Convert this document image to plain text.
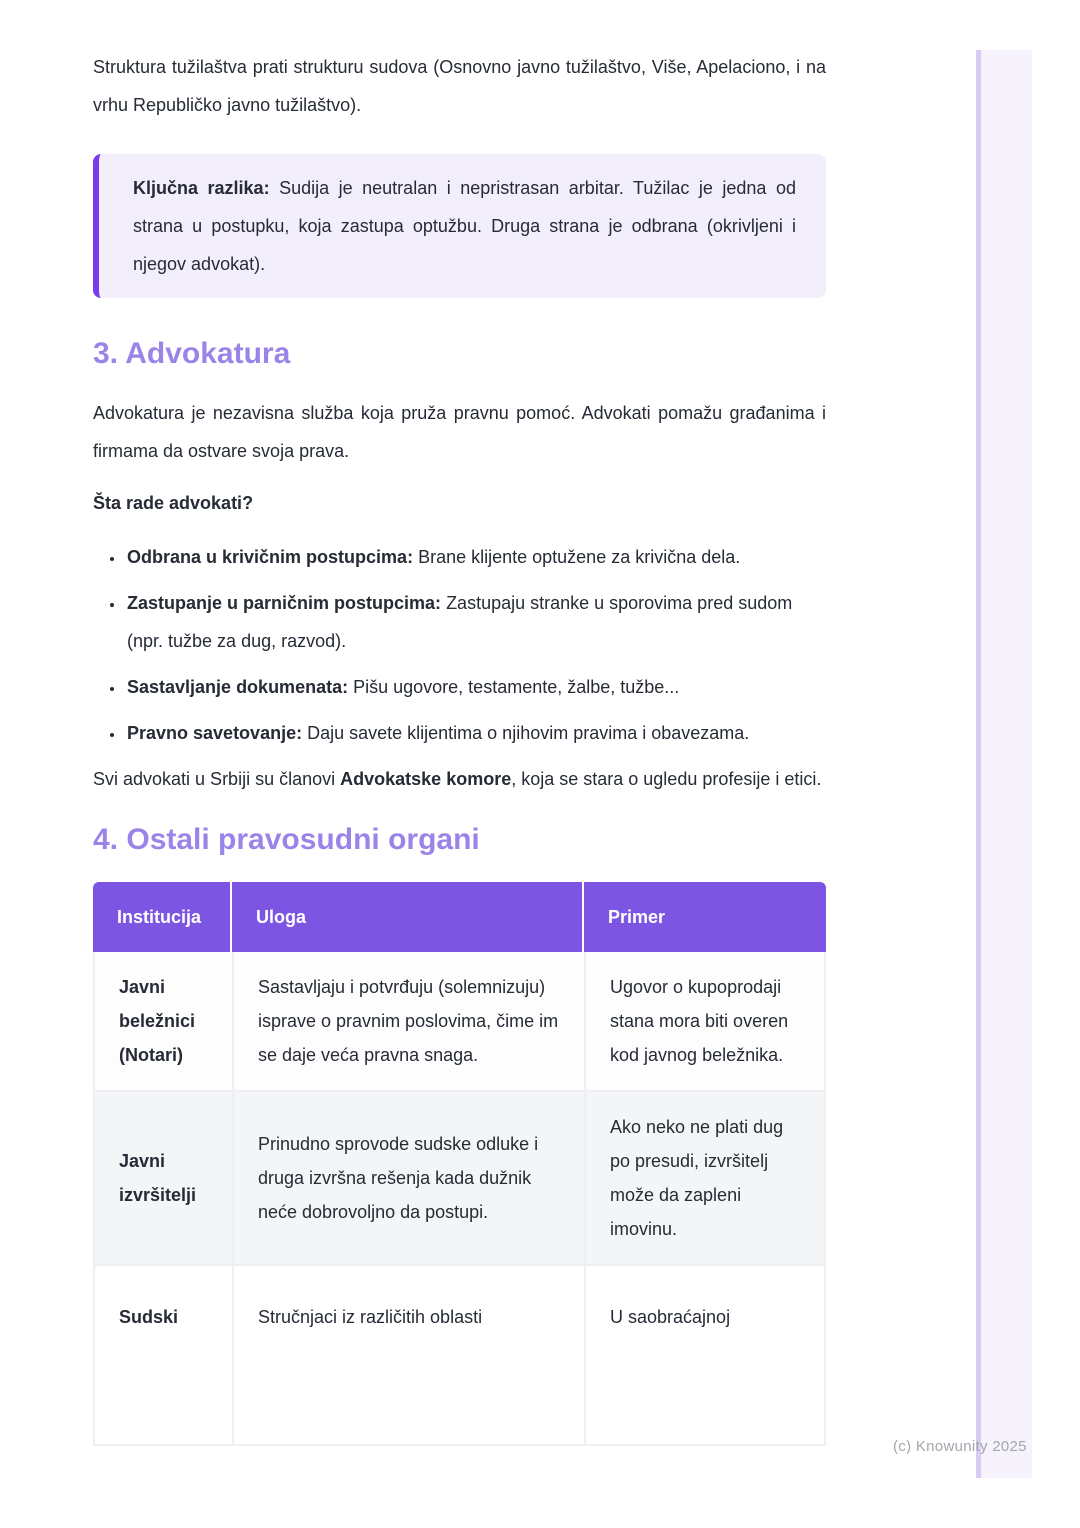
Struktura tužilaštva prati strukturu sudova (Osnovno javno tužilaštvo, Više, Apelaciono, i na vrhu Republičko javno tužilaštvo).

Ključna razlika: Sudija je neutralan i nepristrasan arbitar. Tužilac je jedna od strana u postupku, koja zastupa optužbu. Druga strana je odbrana (okrivljeni i njegov advokat).

3. Advokatura

Advokatura je nezavisna služba koja pruža pravnu pomoć. Advokati pomažu građanima i firmama da ostvare svoja prava.

Šta rade advokati?

• Odbrana u krivičnim postupcima: Brane klijente optužene za krivična dela.
• Zastupanje u parničnim postupcima: Zastupaju stranke u sporovima pred sudom (npr. tužbe za dug, razvod).
• Sastavljanje dokumenata: Pišu ugovore, testamente, žalbe, tužbe...
• Pravno savetovanje: Daju savete klijentima o njihovim pravima i obavezama.

Svi advokati u Srbiji su članovi Advokatske komore, koja se stara o ugledu profesije i etici.

4. Ostali pravosudni organi
Institucija	Uloga	Primer
Javni beležnici (Notari)	Sastavljaju i potvrđuju (solemnizuju) isprave o pravnim poslovima, čime im se daje veća pravna snaga.	Ugovor o kupoprodaji stana mora biti overen kod javnog beležnika.
Javni izvršitelji	Prinudno sprovode sudske odluke i druga izvršna rešenja kada dužnik neće dobrovoljno da postupi.	Ako neko ne plati dug po presudi, izvršitelj može da zapleni imovinu.
Sudski	Stručnjaci iz različitih oblasti	U saobraćajnoj
(c) Knowunity 2025
